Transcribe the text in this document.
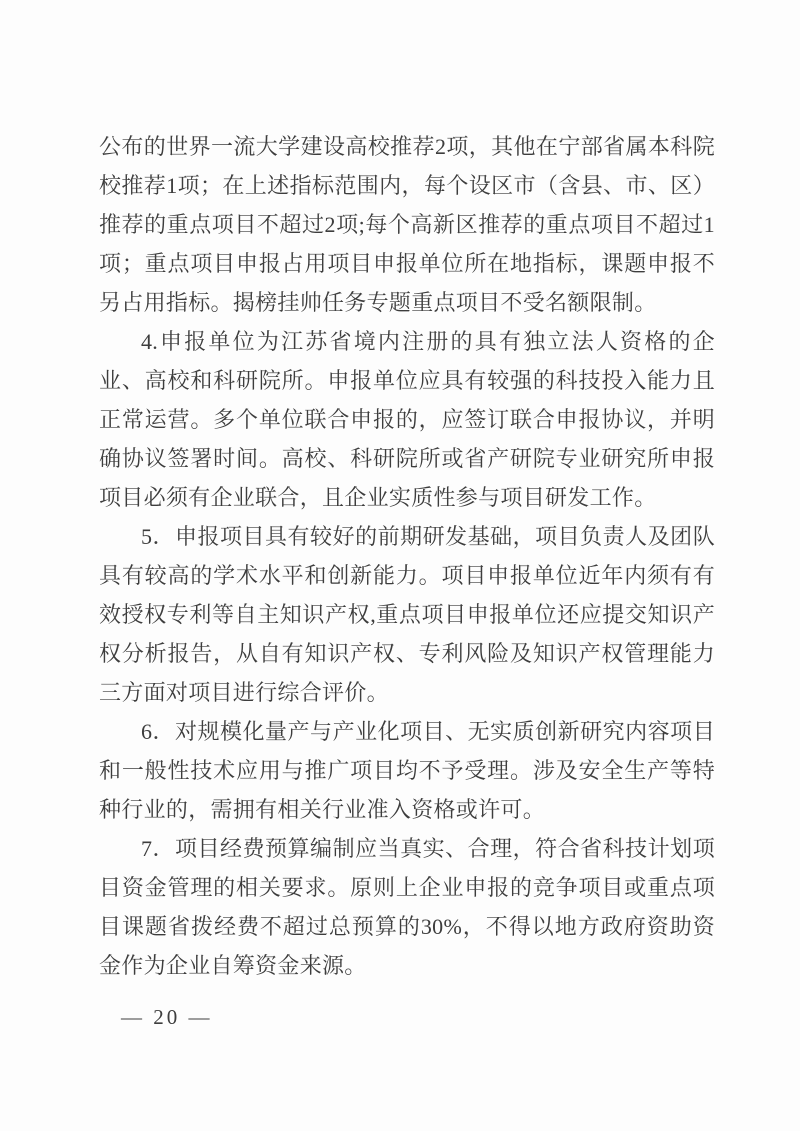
公布的世界一流大学建设高校推荐2项，其他在宁部省属本科院校推荐1项；在上述指标范围内，每个设区市（含县、市、区）推荐的重点项目不超过2项;每个高新区推荐的重点项目不超过1项；重点项目申报占用项目申报单位所在地指标，课题申报不另占用指标。揭榜挂帅任务专题重点项目不受名额限制。

4.申报单位为江苏省境内注册的具有独立法人资格的企业、高校和科研院所。申报单位应具有较强的科技投入能力且正常运营。多个单位联合申报的，应签订联合申报协议，并明确协议签署时间。高校、科研院所或省产研院专业研究所申报项目必须有企业联合，且企业实质性参与项目研发工作。

5．申报项目具有较好的前期研发基础，项目负责人及团队具有较高的学术水平和创新能力。项目申报单位近年内须有有效授权专利等自主知识产权,重点项目申报单位还应提交知识产权分析报告，从自有知识产权、专利风险及知识产权管理能力三方面对项目进行综合评价。

6．对规模化量产与产业化项目、无实质创新研究内容项目和一般性技术应用与推广项目均不予受理。涉及安全生产等特种行业的，需拥有相关行业准入资格或许可。

7．项目经费预算编制应当真实、合理，符合省科技计划项目资金管理的相关要求。原则上企业申报的竞争项目或重点项目课题省拨经费不超过总预算的30%，不得以地方政府资助资金作为企业自筹资金来源。

— 20 —
